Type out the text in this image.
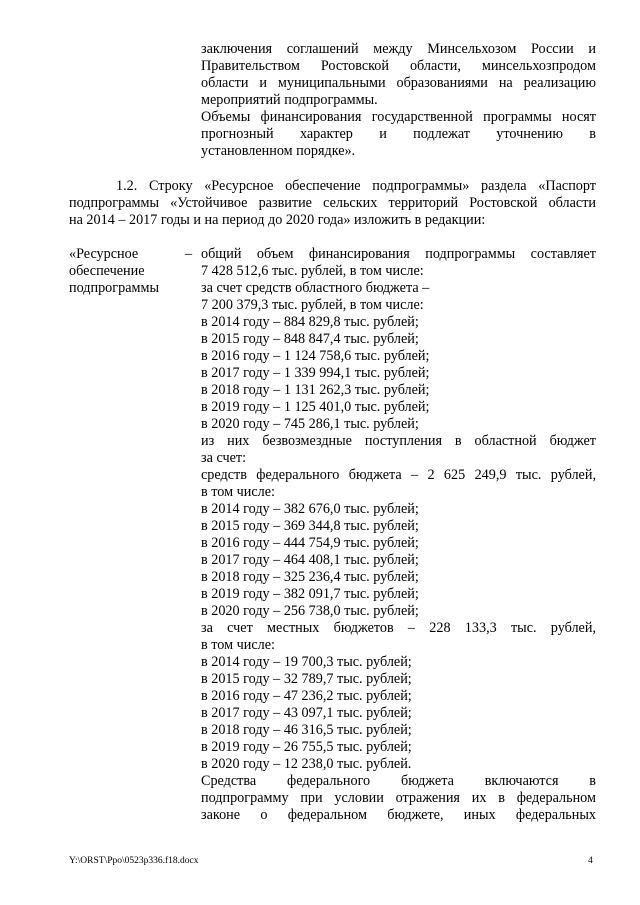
заключения соглашений между Минсельхозом России и
Правительством Ростовской области, минсельхозпродом
области и муниципальными образованиями на реализацию
мероприятий подпрограммы.
Объемы финансирования государственной программы носят
прогнозный характер и подлежат уточнению в
установленном порядке».
1.2. Строку «Ресурсное обеспечение подпрограммы» раздела «Паспорт
подпрограммы «Устойчивое развитие сельских территорий Ростовской области
на 2014 – 2017 годы и на период до 2020 года» изложить в редакции:
«Ресурсное
обеспечение
подпрограммы
– общий объем финансирования подпрограммы составляет
7 428 512,6 тыс. рублей, в том числе:
за счет средств областного бюджета –
7 200 379,3 тыс. рублей, в том числе:
в 2014 году – 884 829,8 тыс. рублей;
в 2015 году – 848 847,4 тыс. рублей;
в 2016 году – 1 124 758,6 тыс. рублей;
в 2017 году – 1 339 994,1 тыс. рублей;
в 2018 году – 1 131 262,3 тыс. рублей;
в 2019 году – 1 125 401,0 тыс. рублей;
в 2020 году – 745 286,1 тыс. рублей;
из них безвозмездные поступления в областной бюджет
за счет:
средств федерального бюджета – 2 625 249,9 тыс. рублей,
в том числе:
в 2014 году – 382 676,0 тыс. рублей;
в 2015 году – 369 344,8 тыс. рублей;
в 2016 году – 444 754,9 тыс. рублей;
в 2017 году – 464 408,1 тыс. рублей;
в 2018 году – 325 236,4 тыс. рублей;
в 2019 году – 382 091,7 тыс. рублей;
в 2020 году – 256 738,0 тыс. рублей;
за счет местных бюджетов – 228 133,3 тыс. рублей,
в том числе:
в 2014 году – 19 700,3 тыс. рублей;
в 2015 году – 32 789,7 тыс. рублей;
в 2016 году – 47 236,2 тыс. рублей;
в 2017 году – 43 097,1 тыс. рублей;
в 2018 году – 46 316,5 тыс. рублей;
в 2019 году – 26 755,5 тыс. рублей;
в 2020 году – 12 238,0 тыс. рублей.
Средства федерального бюджета включаются в
подпрограмму при условии отражения их в федеральном
законе о федеральном бюджете, иных федеральных
Y:\ORST\Ppo\0523p336.f18.docx	4
